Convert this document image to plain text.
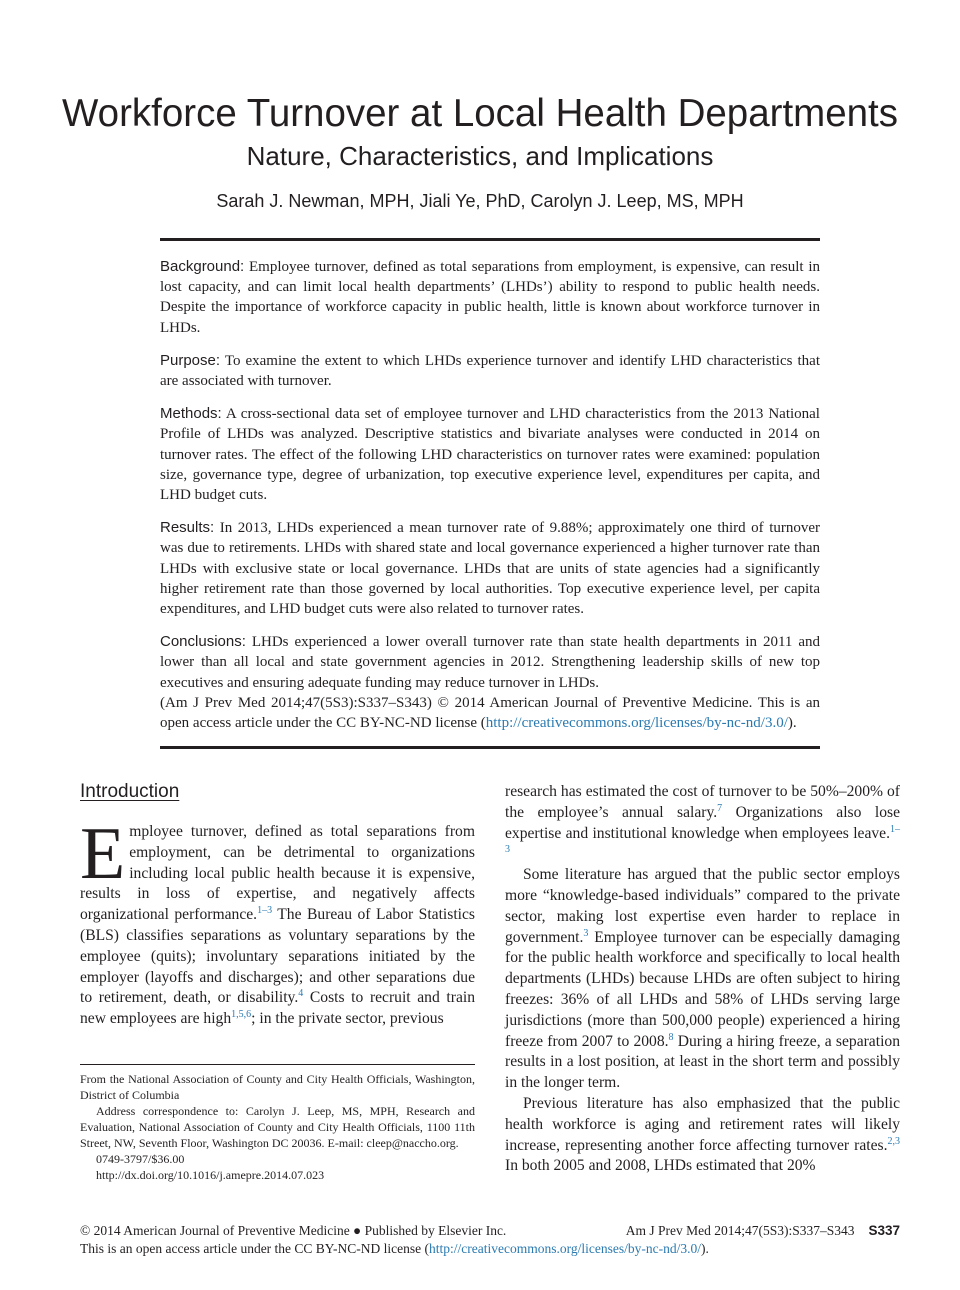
Workforce Turnover at Local Health Departments
Nature, Characteristics, and Implications
Sarah J. Newman, MPH, Jiali Ye, PhD, Carolyn J. Leep, MS, MPH

Background: Employee turnover, defined as total separations from employment, is expensive, can result in lost capacity, and can limit local health departments’ (LHDs’) ability to respond to public health needs. Despite the importance of workforce capacity in public health, little is known about workforce turnover in LHDs.

Purpose: To examine the extent to which LHDs experience turnover and identify LHD characteristics that are associated with turnover.

Methods: A cross-sectional data set of employee turnover and LHD characteristics from the 2013 National Profile of LHDs was analyzed. Descriptive statistics and bivariate analyses were conducted in 2014 on turnover rates. The effect of the following LHD characteristics on turnover rates were examined: population size, governance type, degree of urbanization, top executive experience level, expenditures per capita, and LHD budget cuts.

Results: In 2013, LHDs experienced a mean turnover rate of 9.88%; approximately one third of turnover was due to retirements. LHDs with shared state and local governance experienced a higher turnover rate than LHDs with exclusive state or local governance. LHDs that are units of state agencies had a significantly higher retirement rate than those governed by local authorities. Top executive experience level, per capita expenditures, and LHD budget cuts were also related to turnover rates.

Conclusions: LHDs experienced a lower overall turnover rate than state health departments in 2011 and lower than all local and state government agencies in 2012. Strengthening leadership skills of new top executives and ensuring adequate funding may reduce turnover in LHDs.

(Am J Prev Med 2014;47(5S3):S337–S343) © 2014 American Journal of Preventive Medicine. This is an open access article under the CC BY-NC-ND license (http://creativecommons.org/licenses/by-nc-nd/3.0/).

Introduction

Employee turnover, defined as total separations from employment, can be detrimental to organizations including local public health because it is expensive, results in loss of expertise, and negatively affects organizational performance.$^{1-3}$ The Bureau of Labor Statistics (BLS) classifies separations as voluntary separations by the employee (quits); involuntary separations initiated by the employer (layoffs and discharges); and other separations due to retirement, death, or disability.$^4$ Costs to recruit and train new employees are high$^{1,5,6}$; in the private sector, previous

research has estimated the cost of turnover to be 50%–200% of the employee’s annual salary.$^7$ Organizations also lose expertise and institutional knowledge when employees leave.$^{1-3}$

Some literature has argued that the public sector employs more “knowledge-based individuals” compared to the private sector, making lost expertise even harder to replace in government.$^3$ Employee turnover can be especially damaging for the public health workforce and specifically to local health departments (LHDs) because LHDs are often subject to hiring freezes: 36% of all LHDs and 58% of LHDs serving large jurisdictions (more than 500,000 people) experienced a hiring freeze from 2007 to 2008.$^8$ During a hiring freeze, a separation results in a lost position, at least in the short term and possibly in the longer term.

Previous literature has also emphasized that the public health workforce is aging and retirement rates will likely increase, representing another force affecting turnover rates.$^{2,3}$ In both 2005 and 2008, LHDs estimated that 20%

From the National Association of County and City Health Officials, Washington, District of Columbia

Address correspondence to: Carolyn J. Leep, MS, MPH, Research and Evaluation, National Association of County and City Health Officials, 1100 11th Street, NW, Seventh Floor, Washington DC 20036. E-mail: cleep@naccho.org.

0749-3797/$36.00

http://dx.doi.org/10.1016/j.amepre.2014.07.023

© 2014 American Journal of Preventive Medicine ● Published by Elsevier Inc.	Am J Prev Med 2014;47(5S3):S337–S343 S337
This is an open access article under the CC BY-NC-ND license (http://creativecommons.org/licenses/by-nc-nd/3.0/).
